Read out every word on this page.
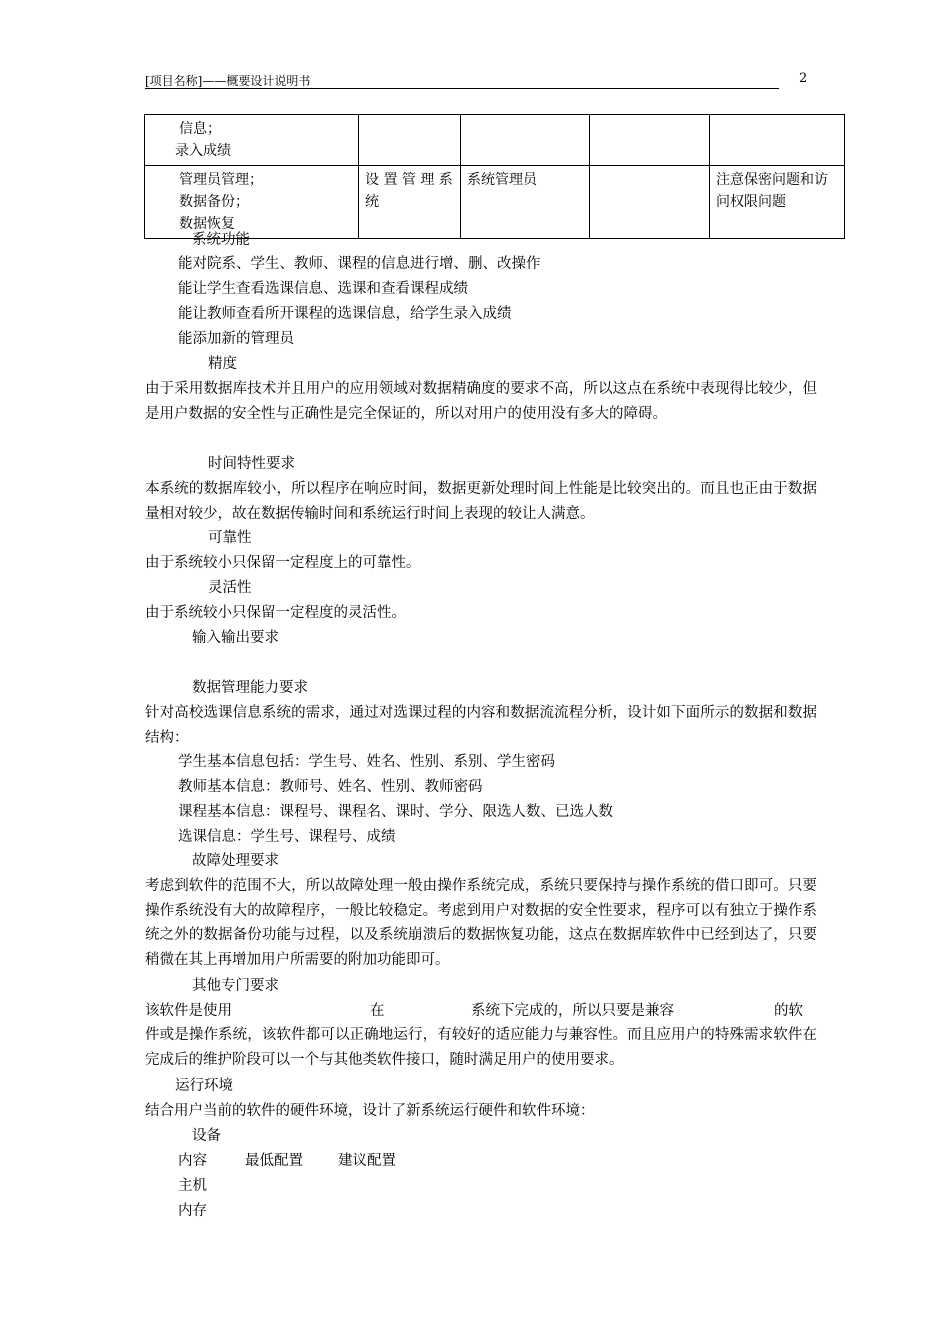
[项目名称]——概要设计说明书	2
信息；
录入成绩				

管理员管理；
数据备份；
数据恢复	设 置 管 理 系统	系统管理员		注意保密问题和访问权限问题
系统功能
能对院系、学生、教师、课程的信息进行增、删、改操作
能让学生查看选课信息、选课和查看课程成绩
能让教师查看所开课程的选课信息，给学生录入成绩
能添加新的管理员
精度
由于采用数据库技术并且用户的应用领域对数据精确度的要求不高，所以这点在系统中表现得比较少，但是用户数据的安全性与正确性是完全保证的，所以对用户的使用没有多大的障碍。
时间特性要求
本系统的数据库较小，所以程序在响应时间，数据更新处理时间上性能是比较突出的。而且也正由于数据量相对较少，故在数据传输时间和系统运行时间上表现的较让人满意。
可靠性
由于系统较小只保留一定程度上的可靠性。
灵活性
由于系统较小只保留一定程度的灵活性。
输入输出要求
数据管理能力要求
针对高校选课信息系统的需求，通过对选课过程的内容和数据流流程分析，设计如下面所示的数据和数据结构：
学生基本信息包括：学生号、姓名、性别、系别、学生密码
教师基本信息：教师号、姓名、性别、教师密码
课程基本信息：课程号、课程名、课时、学分、限选人数、已选人数
选课信息：学生号、课程号、成绩
故障处理要求
考虑到软件的范围不大，所以故障处理一般由操作系统完成，系统只要保持与操作系统的借口即可。只要操作系统没有大的故障程序，一般比较稳定。考虑到用户对数据的安全性要求，程序可以有独立于操作系统之外的数据备份功能与过程，以及系统崩溃后的数据恢复功能，这点在数据库软件中已经到达了，只要稍微在其上再增加用户所需要的附加功能即可。
其他专门要求
该软件是使用	在	系统下完成的，所以只要是兼容	的软
件或是操作系统，该软件都可以正确地运行，有较好的适应能力与兼容性。而且应用户的特殊需求软件在完成后的维护阶段可以一个与其他类软件接口，随时满足用户的使用要求。
运行环境
结合用户当前的软件的硬件环境，设计了新系统运行硬件和软件环境：
设备
内容	最低配置 建议配置
主机
内存
